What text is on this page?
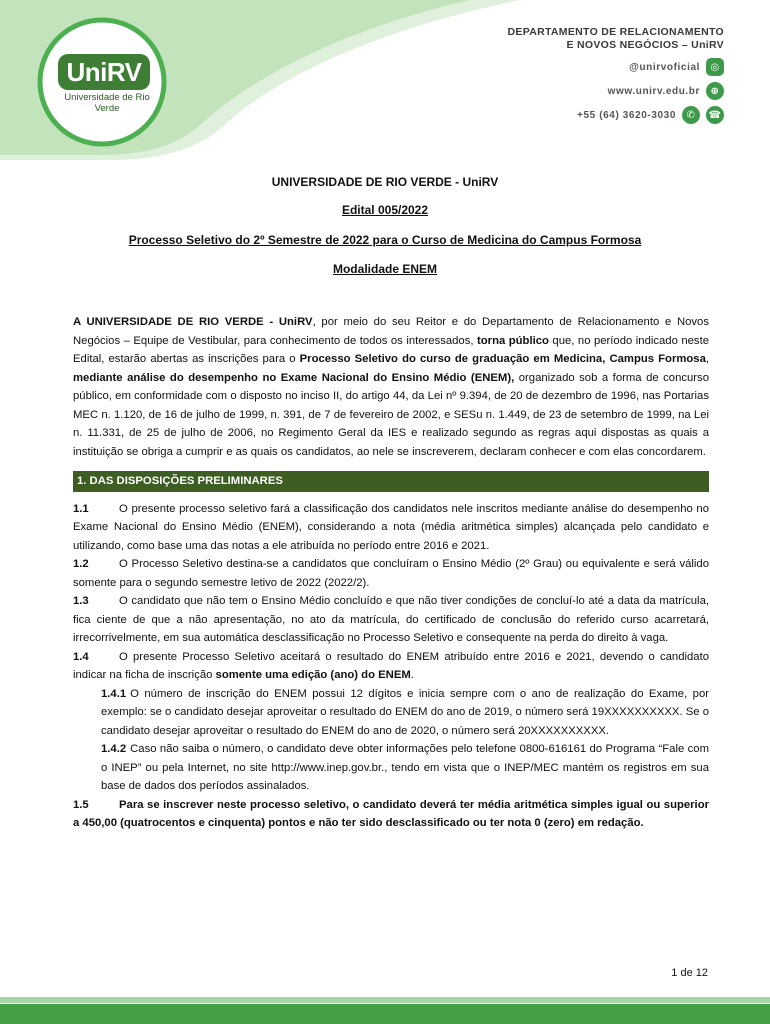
UniRV
Universidade de Rio Verde
DEPARTAMENTO DE RELACIONAMENTO
E NOVOS NEGÓCIOS – UniRV
@unirvoficial	◎
www.unirv.edu.br	⊕
+55 (64) 3620-3030	✆	☎
UNIVERSIDADE DE RIO VERDE - UniRV
Edital 005/2022
Processo Seletivo do 2º Semestre de 2022 para o Curso de Medicina do Campus Formosa
Modalidade ENEM

A UNIVERSIDADE DE RIO VERDE - UniRV, por meio do seu Reitor e do Departamento de Relacionamento e Novos Negócios – Equipe de Vestibular, para conhecimento de todos os interessados, torna público que, no período indicado neste Edital, estarão abertas as inscrições para o Processo Seletivo do curso de graduação em Medicina, Campus Formosa, mediante análise do desempenho no Exame Nacional do Ensino Médio (ENEM), organizado sob a forma de concurso público, em conformidade com o disposto no inciso II, do artigo 44, da Lei nº 9.394, de 20 de dezembro de 1996, nas Portarias MEC n. 1.120, de 16 de julho de 1999, n. 391, de 7 de fevereiro de 2002, e SESu n. 1.449, de 23 de setembro de 1999, na Lei n. 11.331, de 25 de julho de 2006, no Regimento Geral da IES e realizado segundo as regras aqui dispostas as quais a instituição se obriga a cumprir e as quais os candidatos, ao nele se inscreverem, declaram conhecer e com elas concordarem.

1. DAS DISPOSIÇÕES PRELIMINARES

1.1	O presente processo seletivo fará a classificação dos candidatos nele inscritos mediante análise do desempenho no Exame Nacional do Ensino Médio (ENEM), considerando a nota (média aritmética simples) alcançada pelo candidato e utilizando, como base uma das notas a ele atribuída no período entre 2016 e 2021.

1.2	O Processo Seletivo destina-se a candidatos que concluíram o Ensino Médio (2º Grau) ou equivalente e será válido somente para o segundo semestre letivo de 2022 (2022/2).

1.3	O candidato que não tem o Ensino Médio concluído e que não tiver condições de concluí-lo até a data da matrícula, fica ciente de que a não apresentação, no ato da matrícula, do certificado de conclusão do referido curso acarretará, irrecorrivelmente, em sua automática desclassificação no Processo Seletivo e consequente na perda do direito à vaga.

1.4	O presente Processo Seletivo aceitará o resultado do ENEM atribuído entre 2016 e 2021, devendo o candidato indicar na ficha de inscrição somente uma edição (ano) do ENEM.

1.4.1 O número de inscrição do ENEM possui 12 dígitos e inicia sempre com o ano de realização do Exame, por exemplo: se o candidato desejar aproveitar o resultado do ENEM do ano de 2019, o número será 19XXXXXXXXXX. Se o candidato desejar aproveitar o resultado do ENEM do ano de 2020, o número será 20XXXXXXXXXX.

1.4.2 Caso não saiba o número, o candidato deve obter informações pelo telefone 0800-616161 do Programa “Fale com o INEP” ou pela Internet, no site http://www.inep.gov.br., tendo em vista que o INEP/MEC mantém os registros em sua base de dados dos períodos assinalados.

1.5	Para se inscrever neste processo seletivo, o candidato deverá ter média aritmética simples igual ou superior a 450,00 (quatrocentos e cinquenta) pontos e não ter sido desclassificado ou ter nota 0 (zero) em redação.

1 de 12
